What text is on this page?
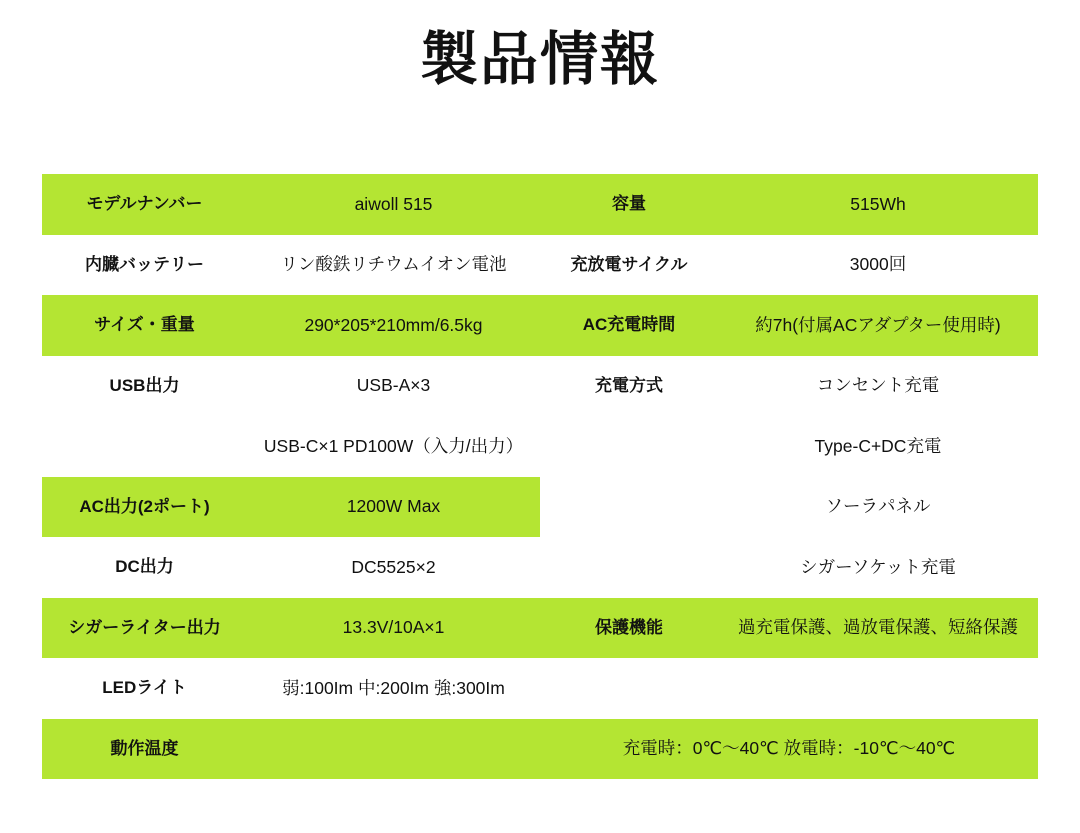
製品情報
モデルナンバー	aiwoll 515	容量	515Wh
内臓バッテリー	リン酸鉄リチウムイオン電池	充放電サイクル	3000回
サイズ・重量	290*205*210mm/6.5kg	AC充電時間	約7h(付属ACアダプター使用時)
USB出力	USB-A×3	充電方式	コンセント充電
	USB-C×1 PD100W（入力/出力）		Type-C+DC充電
AC出力(2ポート)	1200W Max		ソーラパネル
DC出力	DC5525×2		シガーソケット充電
シガーライター出力	13.3V/10A×1	保護機能	過充電保護、過放電保護、短絡保護
LEDライト	弱:100Im 中:200Im 強:300Im		
動作温度		充電時：0℃〜40℃ 放電時：-10℃〜40℃	
